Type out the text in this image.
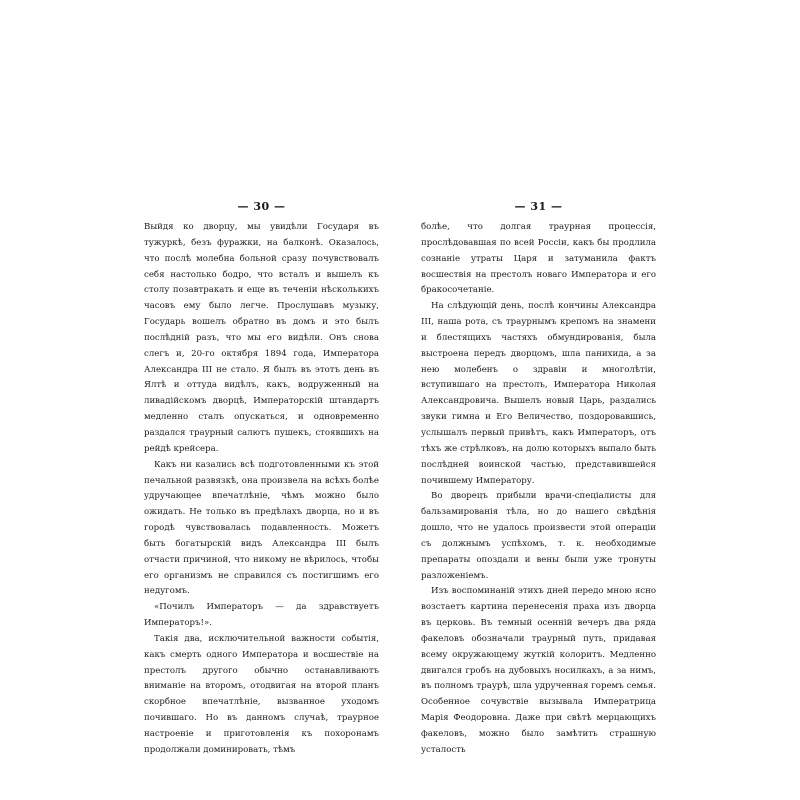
— 30 —

Выйдя ко дворцу, мы увидѣли Государя въ тужуркѣ, безъ фуражки, на балконѣ. Оказалось, что послѣ молебна больной сразу почувствовалъ себя настолько бодро, что всталъ и вышелъ къ столу позавтракать и еще въ теченіи нѣсколькихъ часовъ ему было легче. Прослушавъ музыку, Государь вошелъ обратно въ домъ и это былъ послѣдній разъ, что мы его видѣли. Онъ снова слегъ и, 20-го октября 1894 года, Императора Александра III не стало. Я былъ въ этотъ день въ Ялтѣ и оттуда видѣлъ, какъ, водруженный на ливадійскомъ дворцѣ, Императорскій штандартъ медленно сталъ опускаться, и одновременно раздался траурный салютъ пушекъ, стоявшихъ на рейдѣ крейсера.

Какъ ни казались всѣ подготовленными къ этой печальной развязкѣ, она произвела на всѣхъ болѣе удручающее впечатлѣніе, чѣмъ можно было ожидать. Не только въ предѣлахъ дворца, но и въ городѣ чувствовалась подавленность. Можетъ быть богатырскій видъ Александра III былъ отчасти причиной, что никому не вѣрилось, чтобы его организмъ не справился съ постигшимъ его недугомъ.

«Почилъ Императоръ — да здравствуетъ Императоръ!».

Такія два, исключительной важности событія, какъ смерть одного Императора и восшествіе на престолъ другого обычно останавливаютъ вниманіе на второмъ, отодвигая на второй планъ скорбное впечатлѣніе, вызванное уходомъ почившаго. Но въ данномъ случаѣ, траурное настроеніе и приготовленія къ похоронамъ продолжали доминировать, тѣмъ

— 31 —

болѣе, что долгая траурная процессія, прослѣдовавшая по всей Россіи, какъ бы продлила сознаніе утраты Царя и затуманила фактъ восшествія на престолъ новаго Императора и его бракосочетаніе.

На слѣдующій день, послѣ кончины Александра III, наша рота, съ траурнымъ крепомъ на знамени и блестящихъ частяхъ обмундированія, была выстроена передъ дворцомъ, шла панихида, а за нею молебенъ о здравіи и многолѣтіи, вступившаго на престолъ, Императора Николая Александровича. Вышелъ новый Царь, раздались звуки гимна и Его Величество, поздоровавшись, услышалъ первый привѣтъ, какъ Императоръ, отъ тѣхъ же стрѣлковъ, на долю которыхъ выпало быть послѣдней воинской частью, представившейся почившему Императору.

Во дворецъ прибыли врачи-спеціалисты для бальзамированія тѣла, но до нашего свѣдѣнія дошло, что не удалось произвести этой операціи съ должнымъ успѣхомъ, т. к. необходимые препараты опоздали и вены были уже тронуты разложеніемъ.

Изъ воспоминаній этихъ дней передо мною ясно возстаетъ картина перенесенія праха изъ дворца въ церковь. Въ темный осенній вечеръ два ряда факеловъ обозначали траурный путь, придавая всему окружающему жуткій колоритъ. Медленно двигался гробъ на дубовыхъ носилкахъ, а за нимъ, въ полномъ траурѣ, шла удрученная горемъ семья. Особенное сочувствіе вызывала Императрица Марія Феодоровна. Даже при свѣтѣ мерцающихъ факеловъ, можно было замѣтить страшную усталость
